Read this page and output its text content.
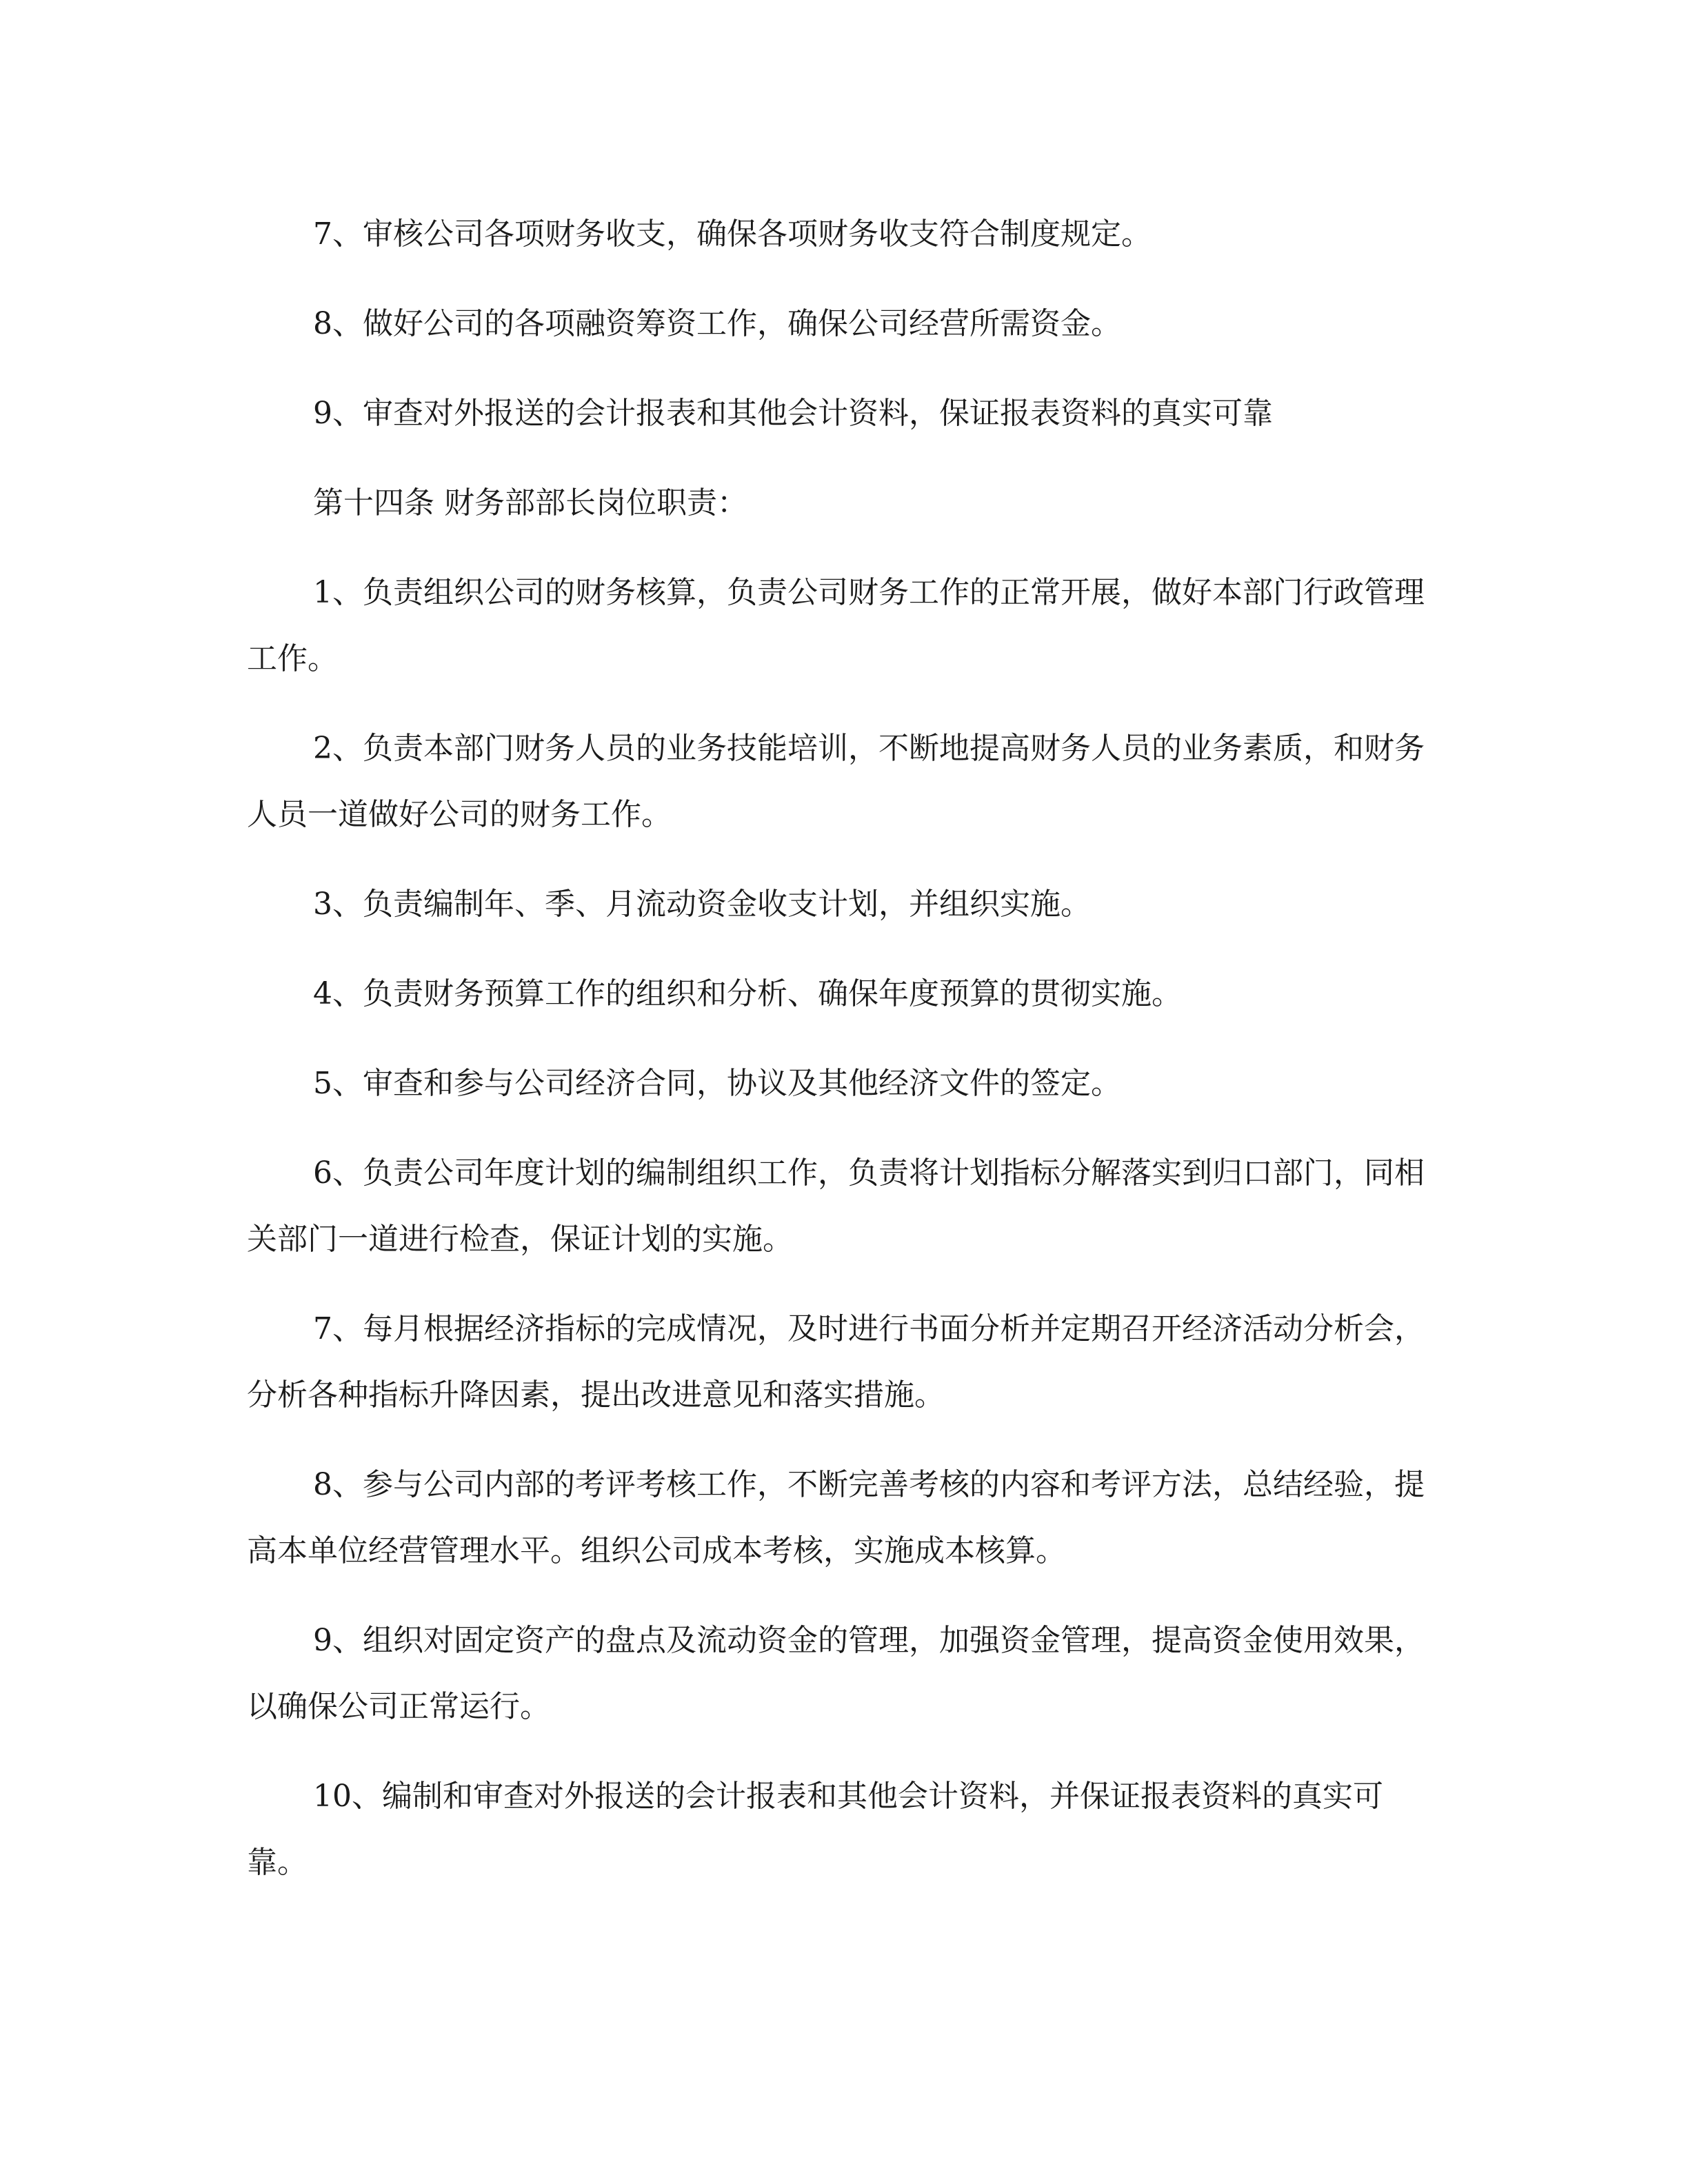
7、审核公司各项财务收支，确保各项财务收支符合制度规定。

8、做好公司的各项融资筹资工作，确保公司经营所需资金。

9、审查对外报送的会计报表和其他会计资料，保证报表资料的真实可靠

第十四条 财务部部长岗位职责：

1、负责组织公司的财务核算，负责公司财务工作的正常开展，做好本部门行政管理工作。

2、负责本部门财务人员的业务技能培训，不断地提高财务人员的业务素质，和财务人员一道做好公司的财务工作。

3、负责编制年、季、月流动资金收支计划，并组织实施。

4、负责财务预算工作的组织和分析、确保年度预算的贯彻实施。

5、审查和参与公司经济合同，协议及其他经济文件的签定。

6、负责公司年度计划的编制组织工作，负责将计划指标分解落实到归口部门，同相关部门一道进行检查，保证计划的实施。

7、每月根据经济指标的完成情况，及时进行书面分析并定期召开经济活动分析会，分析各种指标升降因素，提出改进意见和落实措施。

8、参与公司内部的考评考核工作，不断完善考核的内容和考评方法，总结经验，提高本单位经营管理水平。组织公司成本考核，实施成本核算。

9、组织对固定资产的盘点及流动资金的管理，加强资金管理，提高资金使用效果，以确保公司正常运行。

10、编制和审查对外报送的会计报表和其他会计资料，并保证报表资料的真实可靠。
